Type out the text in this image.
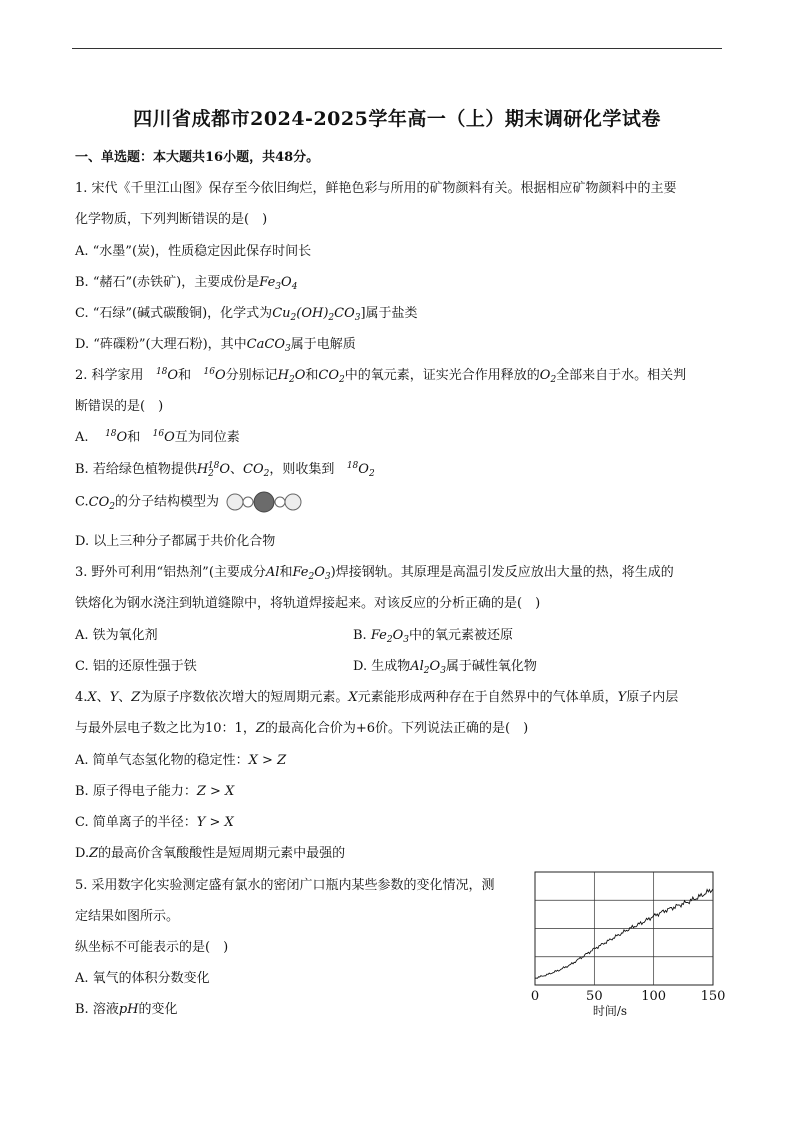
四川省成都市2024-2025学年高一（上）期末调研化学试卷
一、单选题：本大题共16小题，共48分。
1. 宋代《千里江山图》保存至今依旧绚烂，鲜艳色彩与所用的矿物颜料有关。根据相应矿物颜料中的主要
化学物质，下列判断错误的是(　)
A. “水墨”(炭)，性质稳定因此保存时间长
B. “赭石”(赤铁矿)，主要成份是$Fe_3O_4$
C. “石绿”(碱式碳酸铜)，化学式为$Cu_2(OH)_2CO_3$]属于盐类
D. “砗磲粉”(大理石粉)，其中CaCO$_3$属于电解质
2. 科学家用 $^{18}$O和 $^{16}$O分别标记$H_2O$和$CO_2$中的氧元素，证实光合作用释放的$O_2$全部来自于水。相关判
断错误的是(　)
A. $^{18}$O和 $^{16}$O互为同位素
B. 若给绿色植物提供$H_2^{18}O$、$CO_2$，则收集到 $^{18}O_2$
$C.CO_2$的分子结构模型为
D. 以上三种分子都属于共价化合物
3. 野外可利用“铝热剂”(主要成分Al和$Fe_2O_3$)焊接钢轨。其原理是高温引发反应放出大量的热，将生成的
铁熔化为钢水浇注到轨道缝隙中，将轨道焊接起来。对该反应的分析正确的是(　)
A. 铁为氧化剂	B. $Fe_2O_3$中的氧元素被还原
C. 铝的还原性强于铁	D. 生成物$Al_2O_3$属于碱性氧化物
4.X、Y、Z为原子序数依次增大的短周期元素。X元素能形成两种存在于自然界中的气体单质，Y原子内层
与最外层电子数之比为10：1，Z的最高化合价为+6价。下列说法正确的是(　)
A. 简单气态氢化物的稳定性：X > Z
B. 原子得电子能力：Z > X
C. 简单离子的半径：Y > X
D.Z的最高价含氧酸酸性是短周期元素中最强的
5. 采用数字化实验测定盛有氯水的密闭广口瓶内某些参数的变化情况，测
定结果如图所示。
纵坐标不可能表示的是(　)
A. 氧气的体积分数变化
B. 溶液pH的变化
0	50	100	150
时间/s
